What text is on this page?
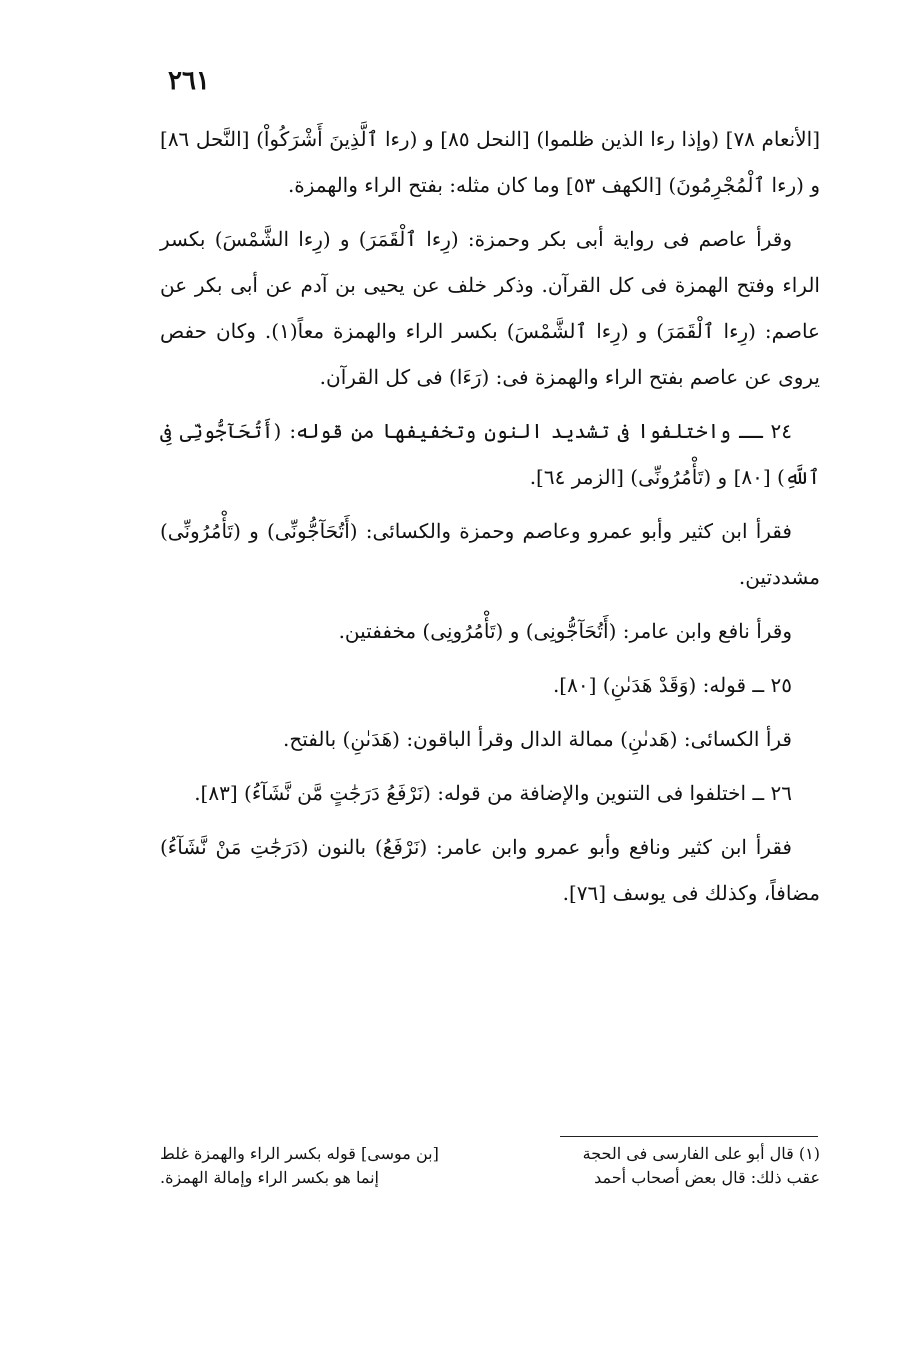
٢٦١

[الأنعام ٧٨] (وإذا رءا الذين ظلموا) [النحل ٨٥] و (رءا ٱلَّذِينَ أَشْرَكُواْ) [النَّحل ٨٦] و (رءا ٱلْمُجْرِمُونَ) [الكهف ٥٣] وما كان مثله: بفتح الراء والهمزة.

وقرأ عاصم فى رواية أبى بكر وحمزة: (رِءا ٱلْقَمَرَ) و (رِءا الشَّمْسَ) بكسر الراء وفتح الهمزة فى كل القرآن. وذكر خلف عن يحيى بن آدم عن أبى بكر عن عاصم: (رِءا ٱلْقَمَرَ) و (رِءا ٱلشَّمْسَ) بكسر الراء والهمزة معاً(١). وكان حفص يروى عن عاصم بفتح الراء والهمزة فى: (رَءَا) فى كل القرآن.

٢٤ ــ واختلفوا فى تشديد النون وتخفيفها من قوله: (أَتُحَآجُّونِّى فِى ٱللَّهِ) [٨٠] و (تَأْمُرُونِّى) [الزمر ٦٤].

فقرأ ابن كثير وأبو عمرو وعاصم وحمزة والكسائى: (أَتُحَآجُّونِّى) و (تَأْمُرُونِّى) مشددتين.

وقرأ نافع وابن عامر: (أَتُحَآجُّونِى) و (تَأْمُرُونِى) مخففتين.

٢٥ ــ قوله: (وَقَدْ هَدَىٰنِ) [٨٠].

قرأ الكسائى: (هَدىٰنِ) ممالة الدال وقرأ الباقون: (هَدَىٰنِ) بالفتح.

٢٦ ــ اختلفوا فى التنوين والإضافة من قوله: (نَرْفَعُ دَرَجَٰتٍ مَّن نَّشَآءُ) [٨٣].

فقرأ ابن كثير ونافع وأبو عمرو وابن عامر: (نَرْفَعُ) بالنون (دَرَجَٰتِ مَنْ نَّشَآءُ) مضافاً، وكذلك فى يوسف [٧٦].

(١) قال أبو على الفارسى فى الحجة
[بن موسى] قوله بكسر الراء والهمزة غلط
عقب ذلك: قال بعض أصحاب أحمد
إنما هو بكسر الراء وإمالة الهمزة.
